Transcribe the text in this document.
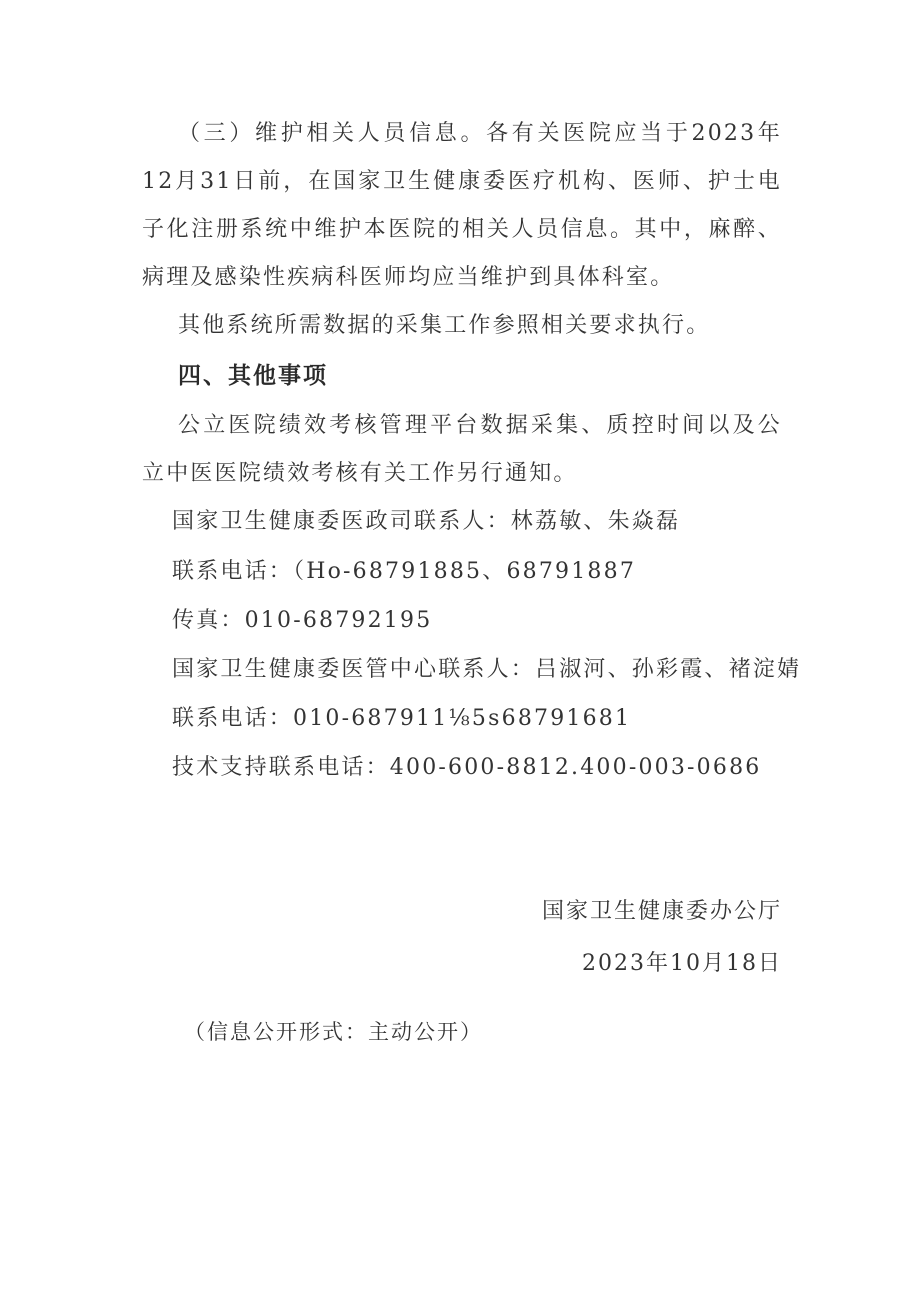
（三）维护相关人员信息。各有关医院应当于2023年12月31日前，在国家卫生健康委医疗机构、医师、护士电子化注册系统中维护本医院的相关人员信息。其中，麻醉、病理及感染性疾病科医师均应当维护到具体科室。

其他系统所需数据的采集工作参照相关要求执行。

四、其他事项

公立医院绩效考核管理平台数据采集、质控时间以及公立中医医院绩效考核有关工作另行通知。

国家卫生健康委医政司联系人：林荔敏、朱焱磊

联系电话：（Ho-68791885、68791887

传真：010-68792195

国家卫生健康委医管中心联系人：吕淑河、孙彩霞、褚淀婧

联系电话：010-687911⅛5s68791681

技术支持联系电话：400-600-8812.400-003-0686

国家卫生健康委办公厅

2023年10月18日

（信息公开形式：主动公开）
